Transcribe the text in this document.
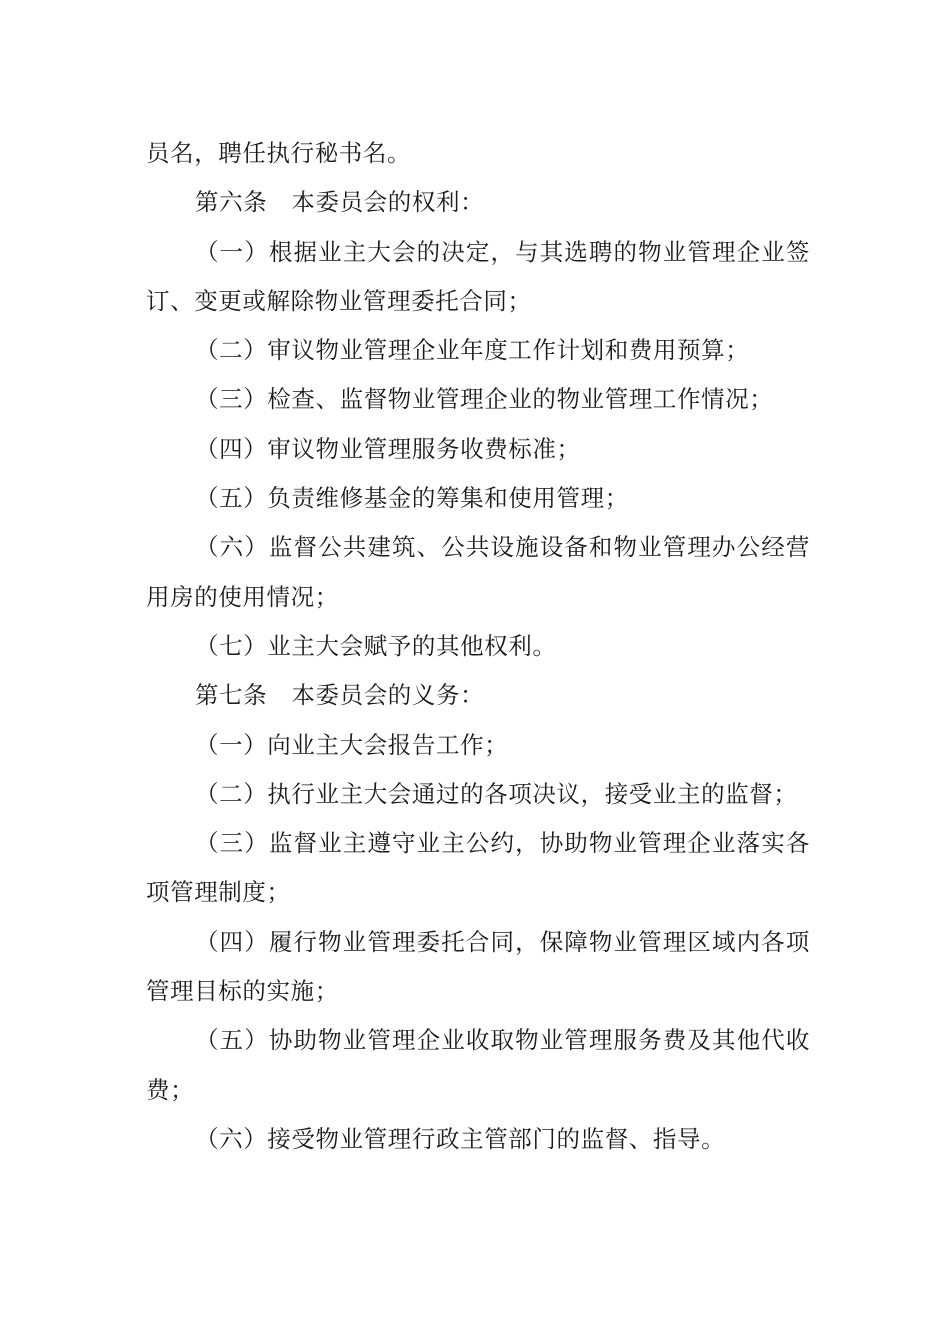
员名，聘任执行秘书名。

第六条　本委员会的权利：

（一）根据业主大会的决定，与其选聘的物业管理企业签订、变更或解除物业管理委托合同；

（二）审议物业管理企业年度工作计划和费用预算；

（三）检查、监督物业管理企业的物业管理工作情况；

（四）审议物业管理服务收费标准；

（五）负责维修基金的筹集和使用管理；

（六）监督公共建筑、公共设施设备和物业管理办公经营用房的使用情况；

（七）业主大会赋予的其他权利。

第七条　本委员会的义务：

（一）向业主大会报告工作；

（二）执行业主大会通过的各项决议，接受业主的监督；

（三）监督业主遵守业主公约，协助物业管理企业落实各项管理制度；

（四）履行物业管理委托合同，保障物业管理区域内各项管理目标的实施；

（五）协助物业管理企业收取物业管理服务费及其他代收费；

（六）接受物业管理行政主管部门的监督、指导。
